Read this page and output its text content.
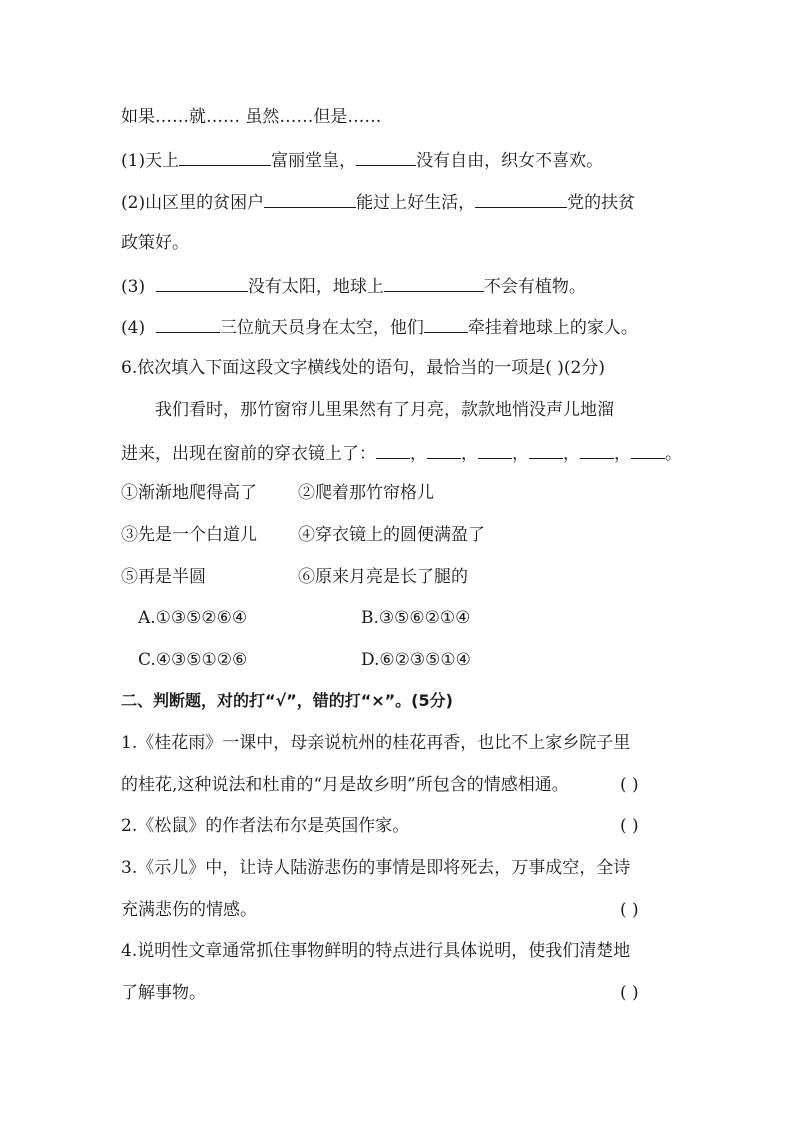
如果……就…… 虽然……但是……
(1)天上	富丽堂皇，	没有自由，织女不喜欢。
(2)山区里的贫困户	能过上好生活，	党的扶贫
政策好。
(3)	没有太阳，地球上	不会有植物。
(4)	三位航天员身在太空，他们	牵挂着地球上的家人。
6.依次填入下面这段文字横线处的语句，最恰当的一项是( )(2分)
我们看时，那竹窗帘儿里果然有了月亮，款款地悄没声儿地溜
进来，出现在窗前的穿衣镜上了： ， ， ， ， ， 。
①渐渐地爬得高了 ②爬着那竹帘格儿
③先是一个白道儿 ④穿衣镜上的圆便满盈了
⑤再是半圆	⑥原来月亮是长了腿的
A.①③⑤②⑥④	B.③⑤⑥②①④
C.④③⑤①②⑥	D.⑥②③⑤①④
二、判断题，对的打“√”，错的打“×”。(5分)
1.《桂花雨》一课中，母亲说杭州的桂花再香，也比不上家乡院子里
的桂花,这种说法和杜甫的“月是故乡明”所包含的情感相通。	( )
2.《松鼠》的作者法布尔是英国作家。	( )
3.《示儿》中，让诗人陆游悲伤的事情是即将死去，万事成空，全诗
充满悲伤的情感。	( )
4.说明性文章通常抓住事物鲜明的特点进行具体说明，使我们清楚地
了解事物。	( )
